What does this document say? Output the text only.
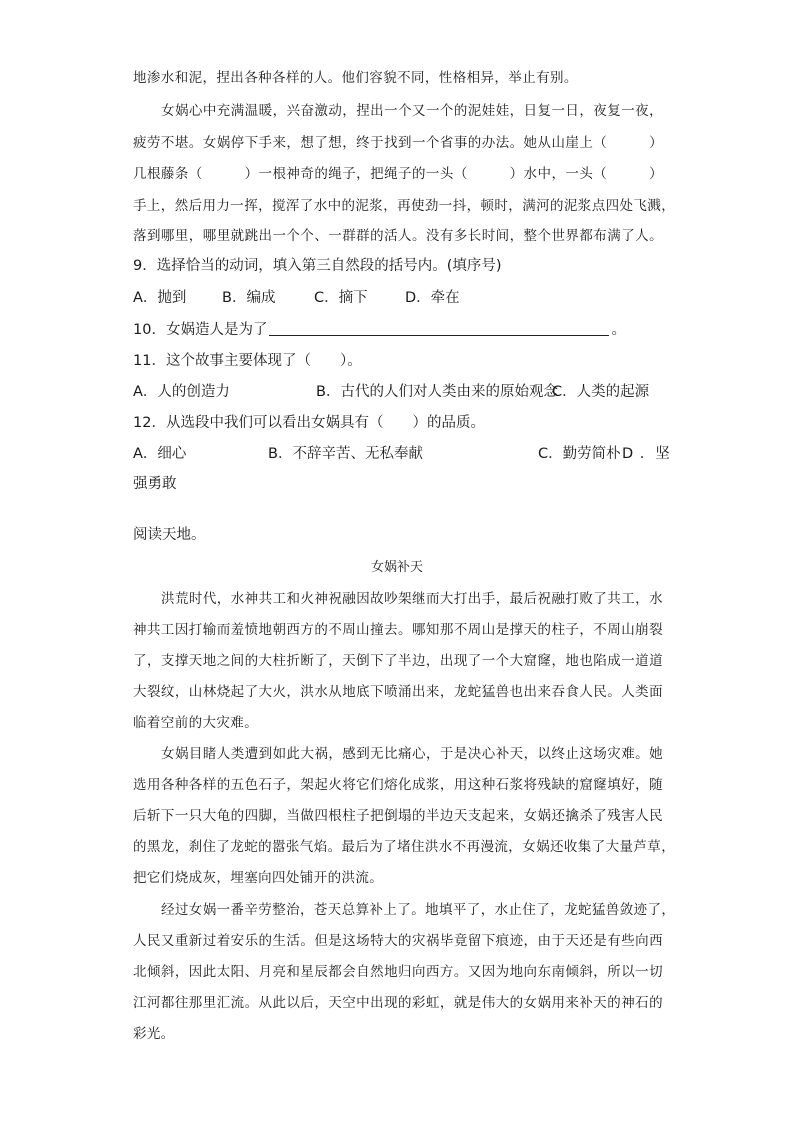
地渗水和泥，捏出各种各样的人。他们容貌不同，性格相异，举止有别。
女娲心中充满温暖，兴奋激动，捏出一个又一个的泥娃娃，日复一日，夜复一夜，
疲劳不堪。女娲停下手来，想了想，终于找到一个省事的办法。她从山崖上（　　　）
几根藤条（　　　）一根神奇的绳子，把绳子的一头（　　　）水中，一头（　　　）
手上，然后用力一挥，搅浑了水中的泥浆，再使劲一抖，顿时，满河的泥浆点四处飞溅，
落到哪里，哪里就跳出一个个、一群群的活人。没有多长时间，整个世界都布满了人。
9．选择恰当的动词，填入第三自然段的括号内。(填序号)
A．抛到 B．编成	C．摘下	D．牵在
10．女娲造人是为了	。
11．这个故事主要体现了（　　）。
A．人的创造力	B．古代的人们对人类由来的原始观念
C．人类的起源
12．从选段中我们可以看出女娲具有（　　）的品质。
A．细心	B．不辞辛苦、无私奉献	C．勤劳简朴 D ．坚
强勇敢
阅读天地。
女娲补天
洪荒时代，水神共工和火神祝融因故吵架继而大打出手，最后祝融打败了共工，水
神共工因打输而羞愤地朝西方的不周山撞去。哪知那不周山是撑天的柱子，不周山崩裂
了，支撑天地之间的大柱折断了，天倒下了半边，出现了一个大窟窿，地也陷成一道道
大裂纹，山林烧起了大火，洪水从地底下喷涌出来，龙蛇猛兽也出来吞食人民。人类面
临着空前的大灾难。
女娲目睹人类遭到如此大祸，感到无比痛心，于是决心补天，以终止这场灾难。她
选用各种各样的五色石子，架起火将它们熔化成浆，用这种石浆将残缺的窟窿填好，随
后斩下一只大龟的四脚，当做四根柱子把倒塌的半边天支起来，女娲还擒杀了残害人民
的黑龙，刹住了龙蛇的嚣张气焰。最后为了堵住洪水不再漫流，女娲还收集了大量芦草，
把它们烧成灰，埋塞向四处铺开的洪流。
经过女娲一番辛劳整治，苍天总算补上了。地填平了，水止住了，龙蛇猛兽敛迹了，
人民又重新过着安乐的生活。但是这场特大的灾祸毕竟留下痕迹，由于天还是有些向西
北倾斜，因此太阳、月亮和星辰都会自然地归向西方。又因为地向东南倾斜，所以一切
江河都往那里汇流。从此以后，天空中出现的彩虹，就是伟大的女娲用来补天的神石的
彩光。
